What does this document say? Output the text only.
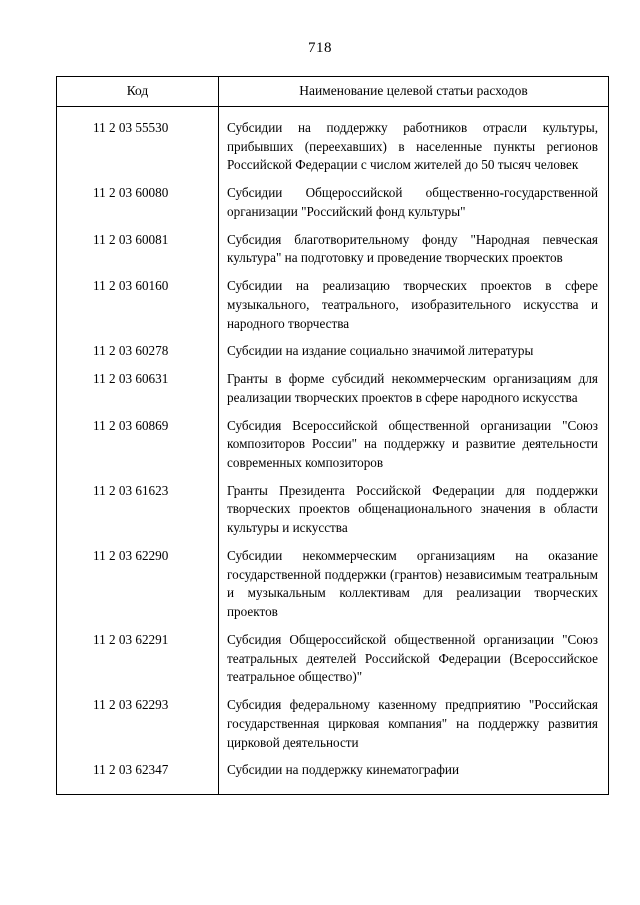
718
Код	Наименование целевой статьи расходов
11 2 03 55530	Субсидии на поддержку работников отрасли культуры, прибывших (переехавших) в населенные пункты регионов Российской Федерации с числом жителей до 50 тысяч человек
11 2 03 60080	Субсидии Общероссийской общественно-государственной организации "Российский фонд культуры"
11 2 03 60081	Субсидия благотворительному фонду "Народная певческая культура" на подготовку и проведение творческих проектов
11 2 03 60160	Субсидии на реализацию творческих проектов в сфере музыкального, театрального, изобразительного искусства и народного творчества
11 2 03 60278	Субсидии на издание социально значимой литературы
11 2 03 60631	Гранты в форме субсидий некоммерческим организациям для реализации творческих проектов в сфере народного искусства
11 2 03 60869	Субсидия Всероссийской общественной организации "Союз композиторов России" на поддержку и развитие деятельности современных композиторов
11 2 03 61623	Гранты Президента Российской Федерации для поддержки творческих проектов общенационального значения в области культуры и искусства
11 2 03 62290	Субсидии некоммерческим организациям на оказание государственной поддержки (грантов) независимым театральным и музыкальным коллективам для реализации творческих проектов
11 2 03 62291	Субсидия Общероссийской общественной организации "Союз театральных деятелей Российской Федерации (Всероссийское театральное общество)"
11 2 03 62293	Субсидия федеральному казенному предприятию "Российская государственная цирковая компания" на поддержку развития цирковой деятельности
11 2 03 62347	Субсидии на поддержку кинематографии
